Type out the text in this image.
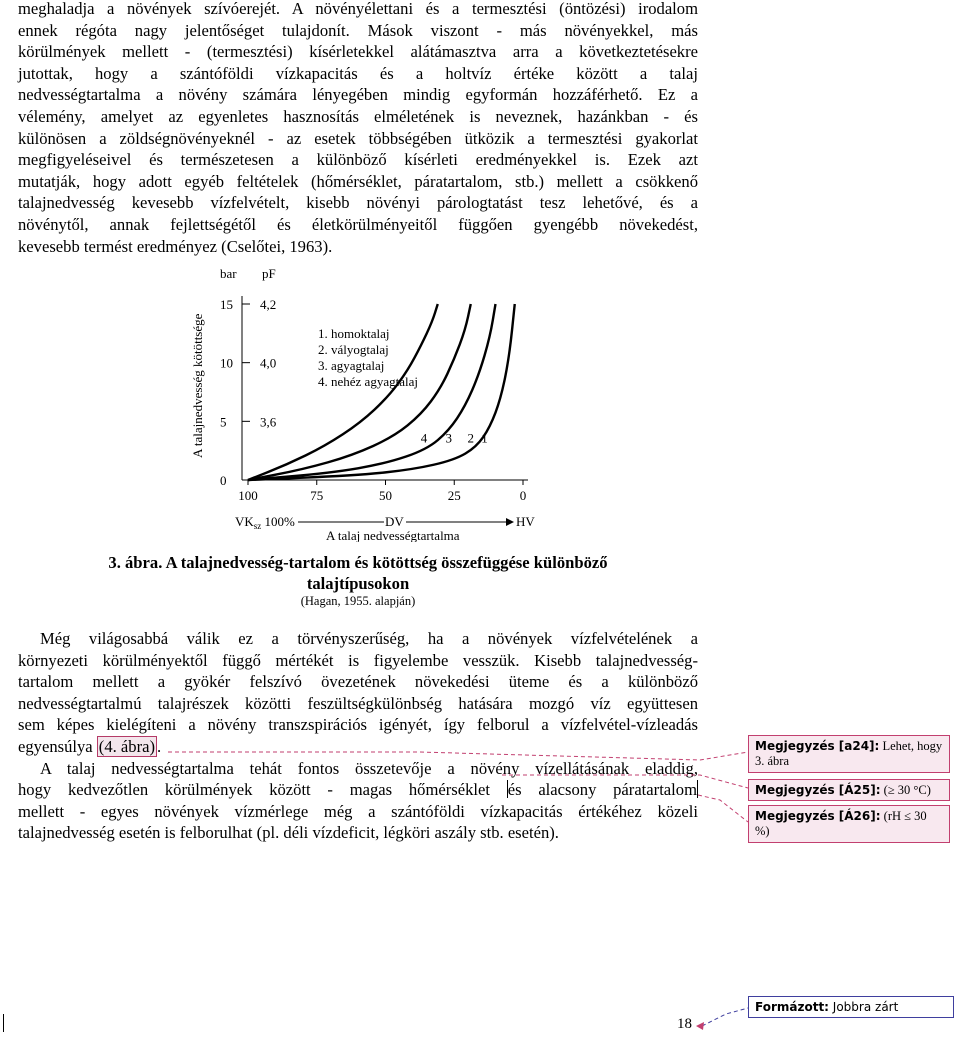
meghaladja a növények szívóerejét. A növényélettani és a termesztési (öntözési) irodalom
ennek régóta nagy jelentőséget tulajdonít. Mások viszont - más növényekkel, más
körülmények mellett - (termesztési) kísérletekkel alátámasztva arra a következtetésekre
jutottak, hogy a szántóföldi vízkapacitás és a holtvíz értéke között a talaj
nedvességtartalma a növény számára lényegében mindig egyformán hozzáférhető. Ez a
vélemény, amelyet az egyenletes hasznosítás elméletének is neveznek, hazánkban - és
különösen a zöldségnövényeknél - az esetek többségében ütközik a termesztési gyakorlat
megfigyeléseivel és természetesen a különböző kísérleti eredményekkel is. Ezek azt
mutatják, hogy adott egyéb feltételek (hőmérséklet, páratartalom, stb.) mellett a csökkenő
talajnedvesség kevesebb vízfelvételt, kisebb növényi párologtatást tesz lehetővé, és a
növénytől, annak fejlettségétől és életkörülményeitől függően gyengébb növekedést,
kevesebb termést eredményez (Cselőtei, 1963).
bar pF
A talajnedvesség kötöttsége
15 4,2
10 4,0
5	3,6
0
100	75	50	25	0
4 3 2 1
1. homoktalaj
2. vályogtalaj
3. agyagtalaj
4. nehéz agyagtalaj
$VK_{sz}$ 100%	DV	HV
A talaj nedvességtartalma
3. ábra. A talajnedvesség-tartalom és kötöttség összefüggése különböző
talajtípusokon
(Hagan, 1955. alapján)
Még világosabbá válik ez a törvényszerűség, ha a növények vízfelvételének a
környezeti körülményektől függő mértékét is figyelembe vesszük. Kisebb talajnedvesség-
tartalom mellett a gyökér felszívó övezetének növekedési üteme és a különböző
nedvességtartalmú talajrészek közötti feszültségkülönbség hatására mozgó víz együttesen
sem képes kielégíteni a növény transzspirációs igényét, így felborul a vízfelvétel-vízleadás
egyensúlya (4. ábra) .
A talaj nedvességtartalma tehát fontos összetevője a növény vízellátásának eladdig,
hogy kedvezőtlen körülmények között - magas hőmérséklet és alacsony páratartalom
mellett - egyes növények vízmérlege még a szántóföldi vízkapacitás értékéhez közeli
talajnedvesség esetén is felborulhat (pl. déli vízdeficit, légköri aszály stb. esetén).
Megjegyzés [a24]: Lehet, hogy 3. ábra
Megjegyzés [Á25]: (≥ 30 °C)
Megjegyzés [Á26]: (rH ≤ 30 %)
Formázott: Jobbra zárt
18
